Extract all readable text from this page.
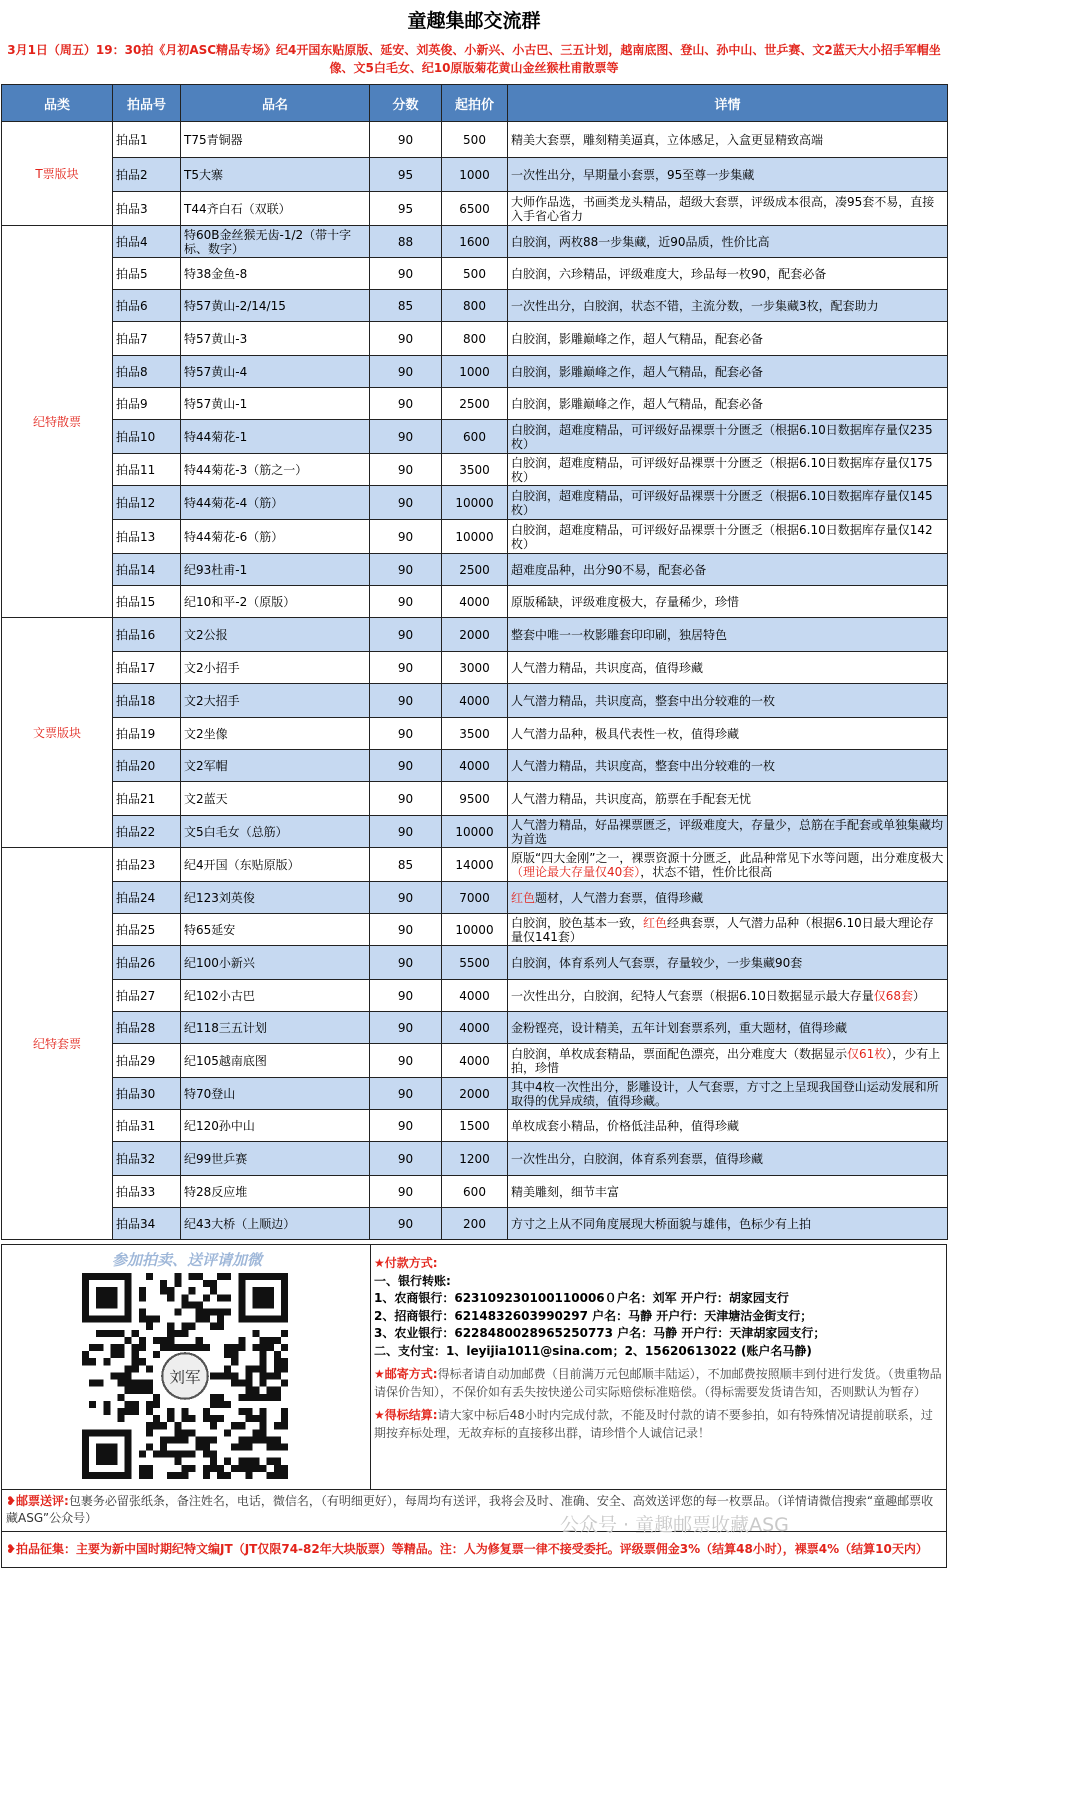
童趣集邮交流群
3月1日（周五）19：30拍《月初ASC精品专场》纪4开国东贴原版、延安、刘英俊、小新兴、小古巴、三五计划，越南底图、登山、孙中山、世乒赛、文2蓝天大小招手军帽坐像、文5白毛女、纪10原版菊花黄山金丝猴杜甫散票等
品类	拍品号	品名	分数	起拍价	详情
T票版块	拍品1	T75青铜器	90	500	精美大套票，雕刻精美逼真，立体感足，入盒更显精致高端
	拍品2	T5大寨	95	1000	一次性出分，早期量小套票，95至尊一步集藏
	拍品3	T44齐白石（双联）	95	6500	大师作品选，书画类龙头精品，超级大套票，评级成本很高，凑95套不易，直接入手省心省力
纪特散票	拍品4	特60B金丝猴无齿-1/2（带十字标、数字）	88	1600	白胶润，两枚88一步集藏，近90品质，性价比高
	拍品5	特38金鱼-8	90	500	白胶润，六珍精品，评级难度大，珍品每一枚90，配套必备
	拍品6	特57黄山-2/14/15	85	800	一次性出分，白胶润，状态不错，主流分数，一步集藏3枚，配套助力
	拍品7	特57黄山-3	90	800	白胶润，影雕巅峰之作，超人气精品，配套必备
	拍品8	特57黄山-4	90	1000	白胶润，影雕巅峰之作，超人气精品，配套必备
	拍品9	特57黄山-1	90	2500	白胶润，影雕巅峰之作，超人气精品，配套必备
	拍品10	特44菊花-1	90	600	白胶润，超难度精品，可评级好品裸票十分匮乏（根据6.10日数据库存量仅235枚）
	拍品11	特44菊花-3（筋之一）	90	3500	白胶润，超难度精品，可评级好品裸票十分匮乏（根据6.10日数据库存量仅175枚）
	拍品12	特44菊花-4（筋）	90	10000	白胶润，超难度精品，可评级好品裸票十分匮乏（根据6.10日数据库存量仅145枚）
	拍品13	特44菊花-6（筋）	90	10000	白胶润，超难度精品，可评级好品裸票十分匮乏（根据6.10日数据库存量仅142枚）
	拍品14	纪93杜甫-1	90	2500	超难度品种，出分90不易，配套必备
	拍品15	纪10和平-2（原版）	90	4000	原版稀缺，评级难度极大，存量稀少，珍惜
文票版块	拍品16	文2公报	90	2000	整套中唯一一枚影雕套印印刷，独居特色
	拍品17	文2小招手	90	3000	人气潜力精品，共识度高，值得珍藏
	拍品18	文2大招手	90	4000	人气潜力精品，共识度高，整套中出分较难的一枚
	拍品19	文2坐像	90	3500	人气潜力品种，极具代表性一枚，值得珍藏
	拍品20	文2军帽	90	4000	人气潜力精品，共识度高，整套中出分较难的一枚
	拍品21	文2蓝天	90	9500	人气潜力精品，共识度高，筋票在手配套无忧
	拍品22	文5白毛女（总筋）	90	10000	人气潜力精品，好品裸票匮乏，评级难度大，存量少，总筋在手配套或单独集藏均为首选
纪特套票	拍品23	纪4开国（东贴原版）	85	14000	原版“四大金刚”之一，裸票资源十分匮乏，此品种常见下水等问题，出分难度极大（理论最大存量仅40套），状态不错，性价比很高
	拍品24	纪123刘英俊	90	7000	红色题材，人气潜力套票，值得珍藏
	拍品25	特65延安	90	10000	白胶润，胶色基本一致，红色经典套票，人气潜力品种（根据6.10日最大理论存量仅141套）
	拍品26	纪100小新兴	90	5500	白胶润，体育系列人气套票，存量较少，一步集藏90套
	拍品27	纪102小古巴	90	4000	一次性出分，白胶润，纪特人气套票（根据6.10日数据显示最大存量仅68套）
	拍品28	纪118三五计划	90	4000	金粉铿亮，设计精美，五年计划套票系列，重大题材，值得珍藏
	拍品29	纪105越南底图	90	4000	白胶润，单枚成套精品，票面配色漂亮，出分难度大（数据显示仅61枚），少有上拍，珍惜
	拍品30	特70登山	90	2000	其中4枚一次性出分，影雕设计，人气套票，方寸之上呈现我国登山运动发展和所取得的优异成绩，值得珍藏。
	拍品31	纪120孙中山	90	1500	单枚成套小精品，价格低洼品种，值得珍藏
	拍品32	纪99世乒赛	90	1200	一次性出分，白胶润，体育系列套票，值得珍藏
	拍品33	特28反应堆	90	600	精美雕刻，细节丰富
	拍品34	纪43大桥（上顺边）	90	200	方寸之上从不同角度展现大桥面貌与雄伟，色标少有上拍
参加拍卖、送评请加微
刘军
★付款方式:
一、银行转账:
1、农商银行：623109230100110006０户名：刘军 开户行：胡家园支行
2、招商银行：6214832603990297 户名：马静 开户行：天津塘沽金街支行；
3、农业银行：6228480028965250773 户名：马静 开户行：天津胡家园支行；
二、支付宝：1、leyijia1011@sina.com；2、15620613022 (账户名马静)
★邮寄方式:得标者请自动加邮费（目前满万元包邮顺丰陆运），不加邮费按照顺丰到付进行发货。（贵重物品请保价告知），不保价如有丢失按快递公司实际赔偿标准赔偿。（得标需要发货请告知，否则默认为暂存）
★得标结算:请大家中标后48小时内完成付款，不能及时付款的请不要参拍，如有特殊情况请提前联系，过期按弃标处理，无故弃标的直接移出群，请珍惜个人诚信记录！
❥邮票送评:包裹务必留张纸条，备注姓名，电话，微信名，（有明细更好），每周均有送评，我将会及时、准确、安全、高效送评您的每一枚票品。（详情请微信搜索“童趣邮票收藏ASG”公众号）
❥拍品征集：主要为新中国时期纪特文编JT（JT仅限74-82年大块版票）等精品。注：人为修复票一律不接受委托。评级票佣金3%（结算48小时），裸票4%（结算10天内）
公众号 · 童趣邮票收藏ASG
